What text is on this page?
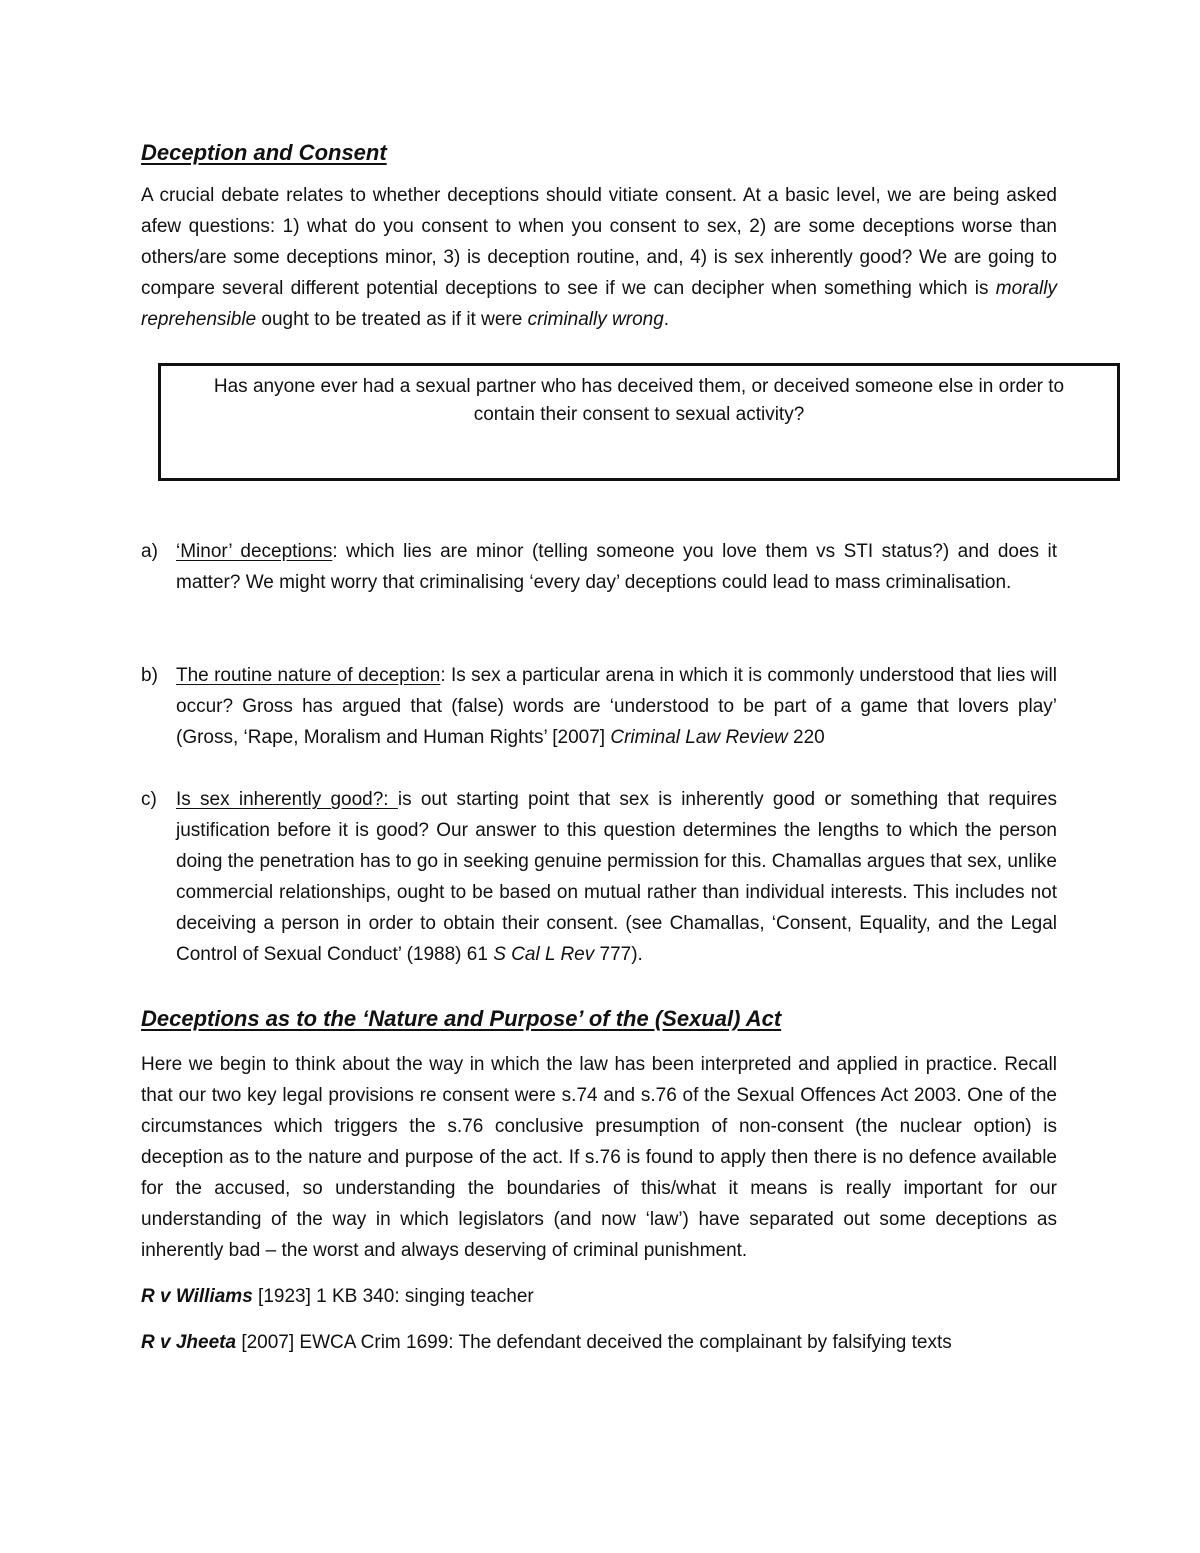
Deception and Consent

A crucial debate relates to whether deceptions should vitiate consent. At a basic level, we are being asked afew questions: 1) what do you consent to when you consent to sex, 2) are some deceptions worse than others/are some deceptions minor, 3) is deception routine, and, 4) is sex inherently good? We are going to compare several different potential deceptions to see if we can decipher when something which is morally reprehensible ought to be treated as if it were criminally wrong.

Has anyone ever had a sexual partner who has deceived them, or deceived someone else in order to contain their consent to sexual activity?
a) ‘Minor’ deceptions: which lies are minor (telling someone you love them vs STI status?) and does it matter? We might worry that criminalising ‘every day’ deceptions could lead to mass criminalisation.
b) The routine nature of deception: Is sex a particular arena in which it is commonly understood that lies will occur? Gross has argued that (false) words are ‘understood to be part of a game that lovers play’ (Gross, ‘Rape, Moralism and Human Rights’ [2007] Criminal Law Review 220
c) Is sex inherently good?: is out starting point that sex is inherently good or something that requires justification before it is good? Our answer to this question determines the lengths to which the person doing the penetration has to go in seeking genuine permission for this. Chamallas argues that sex, unlike commercial relationships, ought to be based on mutual rather than individual interests. This includes not deceiving a person in order to obtain their consent. (see Chamallas, ‘Consent, Equality, and the Legal Control of Sexual Conduct’ (1988) 61 S Cal L Rev 777).
Deceptions as to the ‘Nature and Purpose’ of the (Sexual) Act

Here we begin to think about the way in which the law has been interpreted and applied in practice. Recall that our two key legal provisions re consent were s.74 and s.76 of the Sexual Offences Act 2003. One of the circumstances which triggers the s.76 conclusive presumption of non-consent (the nuclear option) is deception as to the nature and purpose of the act. If s.76 is found to apply then there is no defence available for the accused, so understanding the boundaries of this/what it means is really important for our understanding of the way in which legislators (and now ‘law’) have separated out some deceptions as inherently bad – the worst and always deserving of criminal punishment.

R v Williams [1923] 1 KB 340: singing teacher

R v Jheeta [2007] EWCA Crim 1699: The defendant deceived the complainant by falsifying texts
